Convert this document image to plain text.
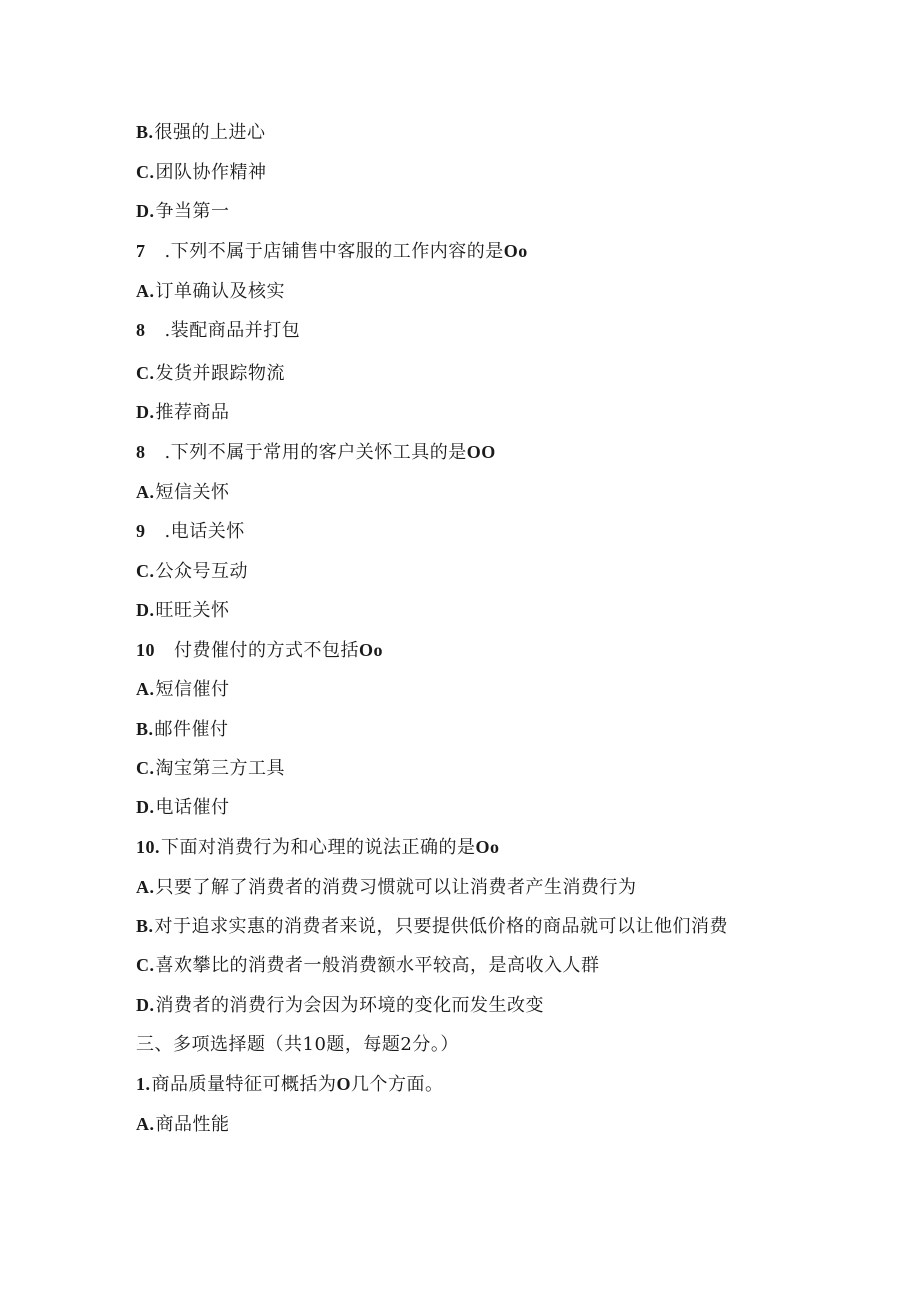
B.很强的上进心
C.团队协作精神
D.争当第一
7 .下列不属于店铺售中客服的工作内容的是Oo
A.订单确认及核实
8 .装配商品并打包
C.发货并跟踪物流
D.推荐商品
8 .下列不属于常用的客户关怀工具的是OO
A.短信关怀
9 .电话关怀
C.公众号互动
D.旺旺关怀
10 付费催付的方式不包括Oo
A.短信催付
B.邮件催付
C.淘宝第三方工具
D.电话催付
10.下面对消费行为和心理的说法正确的是Oo
A.只要了解了消费者的消费习惯就可以让消费者产生消费行为
B.对于追求实惠的消费者来说，只要提供低价格的商品就可以让他们消费
C.喜欢攀比的消费者一般消费额水平较高，是高收入人群
D.消费者的消费行为会因为环境的变化而发生改变
三、多项选择题（共10题，每题2分。）
1.商品质量特征可概括为O几个方面。
A.商品性能
